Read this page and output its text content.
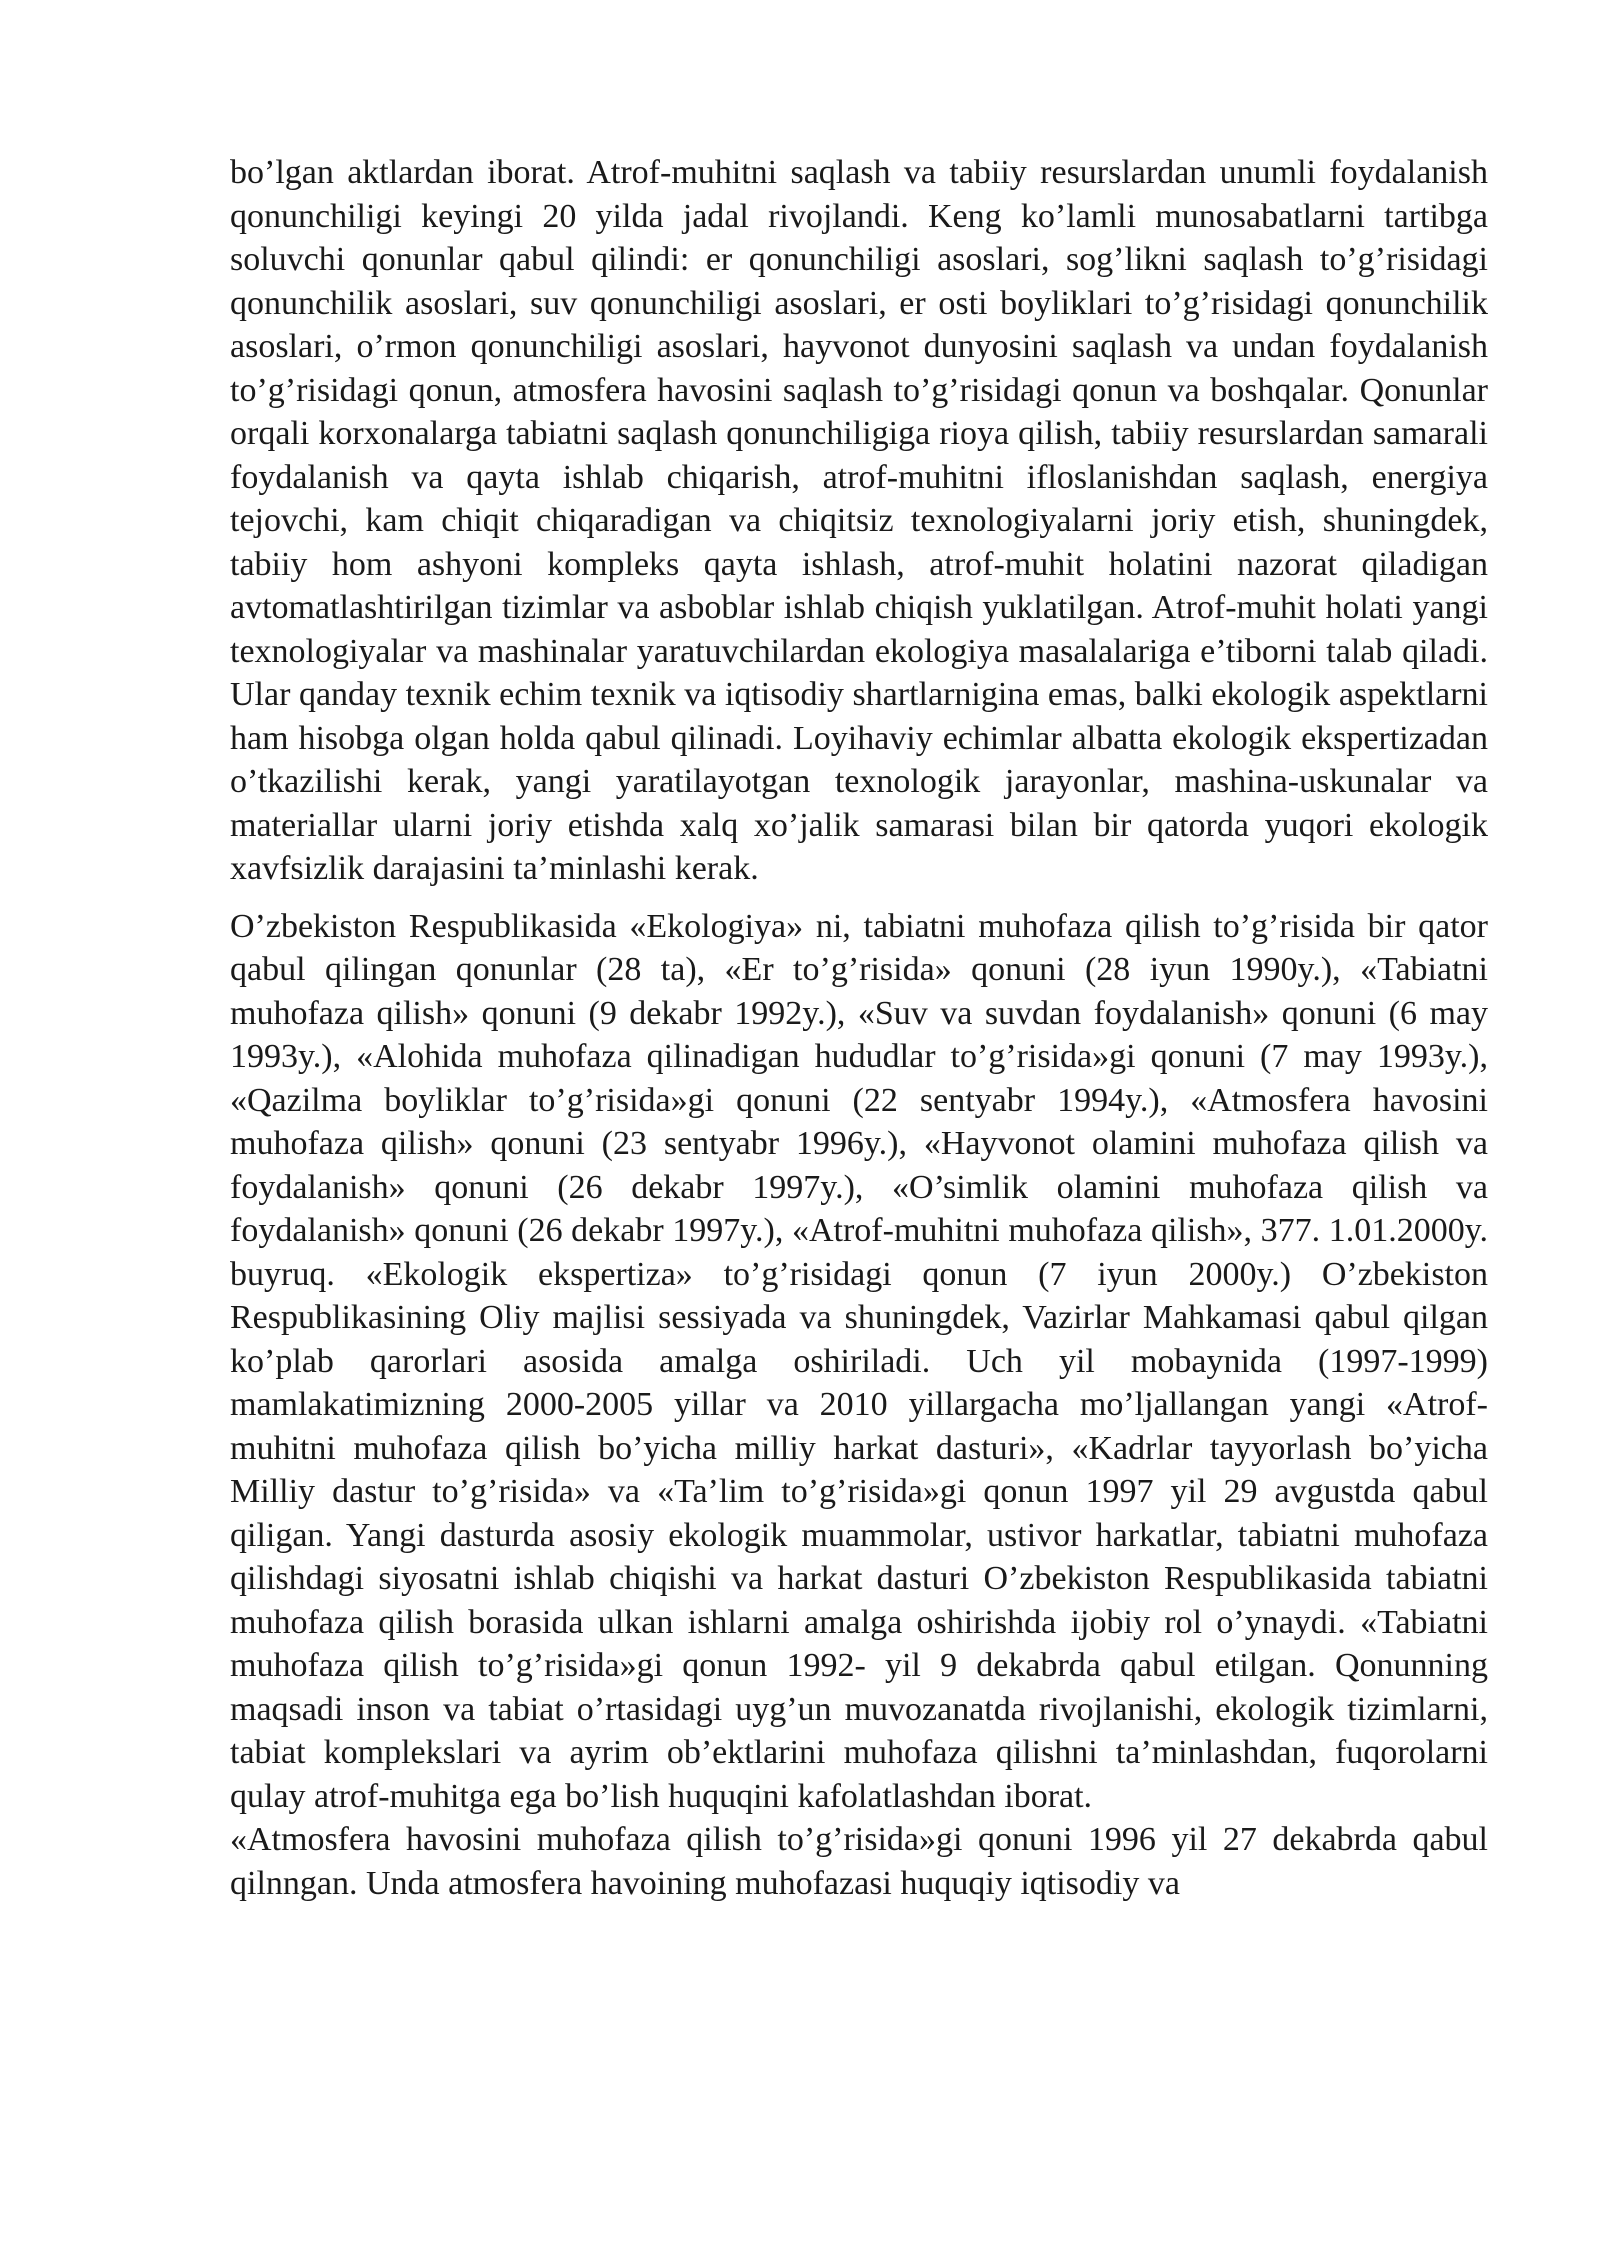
bo’lgan aktlardan iborat. Atrof-muhitni saqlash va tabiiy resurslardan unumli foydalanish qonunchiligi keyingi 20 yilda jadal rivojlandi. Keng ko’lamli munosabatlarni tartibga soluvchi qonunlar qabul qilindi: er qonunchiligi asoslari, sog’likni saqlash to’g’risidagi qonunchilik asoslari, suv qonunchiligi asoslari, er osti boyliklari to’g’risidagi qonunchilik asoslari, o’rmon qonunchiligi asoslari, hayvonot dunyosini saqlash va undan foydalanish to’g’risidagi qonun, atmosfera havosini saqlash to’g’risidagi qonun va boshqalar. Qonunlar orqali korxonalarga tabiatni saqlash qonunchiligiga rioya qilish, tabiiy resurslardan samarali foydalanish va qayta ishlab chiqarish, atrof-muhitni ifloslanishdan saqlash, energiya tejovchi, kam chiqit chiqaradigan va chiqitsiz texnologiyalarni joriy etish, shuningdek, tabiiy hom ashyoni kompleks qayta ishlash, atrof-muhit holatini nazorat qiladigan avtomatlashtirilgan tizimlar va asboblar ishlab chiqish yuklatilgan. Atrof-muhit holati yangi texnologiyalar va mashinalar yaratuvchilardan ekologiya masalalariga e’tiborni talab qiladi. Ular qanday texnik echim texnik va iqtisodiy shartlarnigina emas, balki ekologik aspektlarni ham hisobga olgan holda qabul qilinadi. Loyihaviy echimlar albatta ekologik ekspertizadan o’tkazilishi kerak, yangi yaratilayotgan texnologik jarayonlar, mashina-uskunalar va materiallar ularni joriy etishda xalq xo’jalik samarasi bilan bir qatorda yuqori ekologik xavfsizlik darajasini ta’minlashi kerak.

O’zbekiston Respublikasida «Ekologiya» ni, tabiatni muhofaza qilish to’g’risida bir qator qabul qilingan qonunlar (28 ta), «Er to’g’risida» qonuni (28 iyun 1990y.), «Tabiatni muhofaza qilish» qonuni (9 dekabr 1992y.), «Suv va suvdan foydalanish» qonuni (6 may 1993y.), «Alohida muhofaza qilinadigan hududlar to’g’risida»gi qonuni (7 may 1993y.), «Qazilma boyliklar to’g’risida»gi qonuni (22 sentyabr 1994y.), «Atmosfera havosini muhofaza qilish» qonuni (23 sentyabr 1996y.), «Hayvonot olamini muhofaza qilish va foydalanish» qonuni (26 dekabr 1997y.), «O’simlik olamini muhofaza qilish va foydalanish» qonuni (26 dekabr 1997y.), «Atrof-muhitni muhofaza qilish», 377. 1.01.2000y. buyruq. «Ekologik ekspertiza» to’g’risidagi qonun (7 iyun 2000y.) O’zbekiston Respublikasining Oliy majlisi sessiyada va shuningdek, Vazirlar Mahkamasi qabul qilgan ko’plab qarorlari asosida amalga oshiriladi. Uch yil mobaynida (1997-1999) mamlakatimizning 2000-2005 yillar va 2010 yillargacha mo’ljallangan yangi «Atrof-muhitni muhofaza qilish bo’yicha milliy harkat dasturi», «Kadrlar tayyorlash bo’yicha Milliy dastur to’g’risida» va «Ta’lim to’g’risida»gi qonun 1997 yil 29 avgustda qabul qiligan. Yangi dasturda asosiy ekologik muammolar, ustivor harkatlar, tabiatni muhofaza qilishdagi siyosatni ishlab chiqishi va harkat dasturi O’zbekiston Respublikasida tabiatni muhofaza qilish borasida ulkan ishlarni amalga oshirishda ijobiy rol o’ynaydi. «Tabiatni muhofaza qilish to’g’risida»gi qonun 1992- yil 9 dekabrda qabul etilgan. Qonunning maqsadi inson va tabiat o’rtasidagi uyg’un muvozanatda rivojlanishi, ekologik tizimlarni, tabiat komplekslari va ayrim ob’ektlarini muhofaza qilishni ta’minlashdan, fuqorolarni qulay atrof-muhitga ega bo’lish huquqini kafolatlashdan iborat.

«Atmosfera havosini muhofaza qilish to’g’risida»gi qonuni 1996 yil 27 dekabrda qabul qilnngan. Unda atmosfera havoining muhofazasi huquqiy iqtisodiy va
